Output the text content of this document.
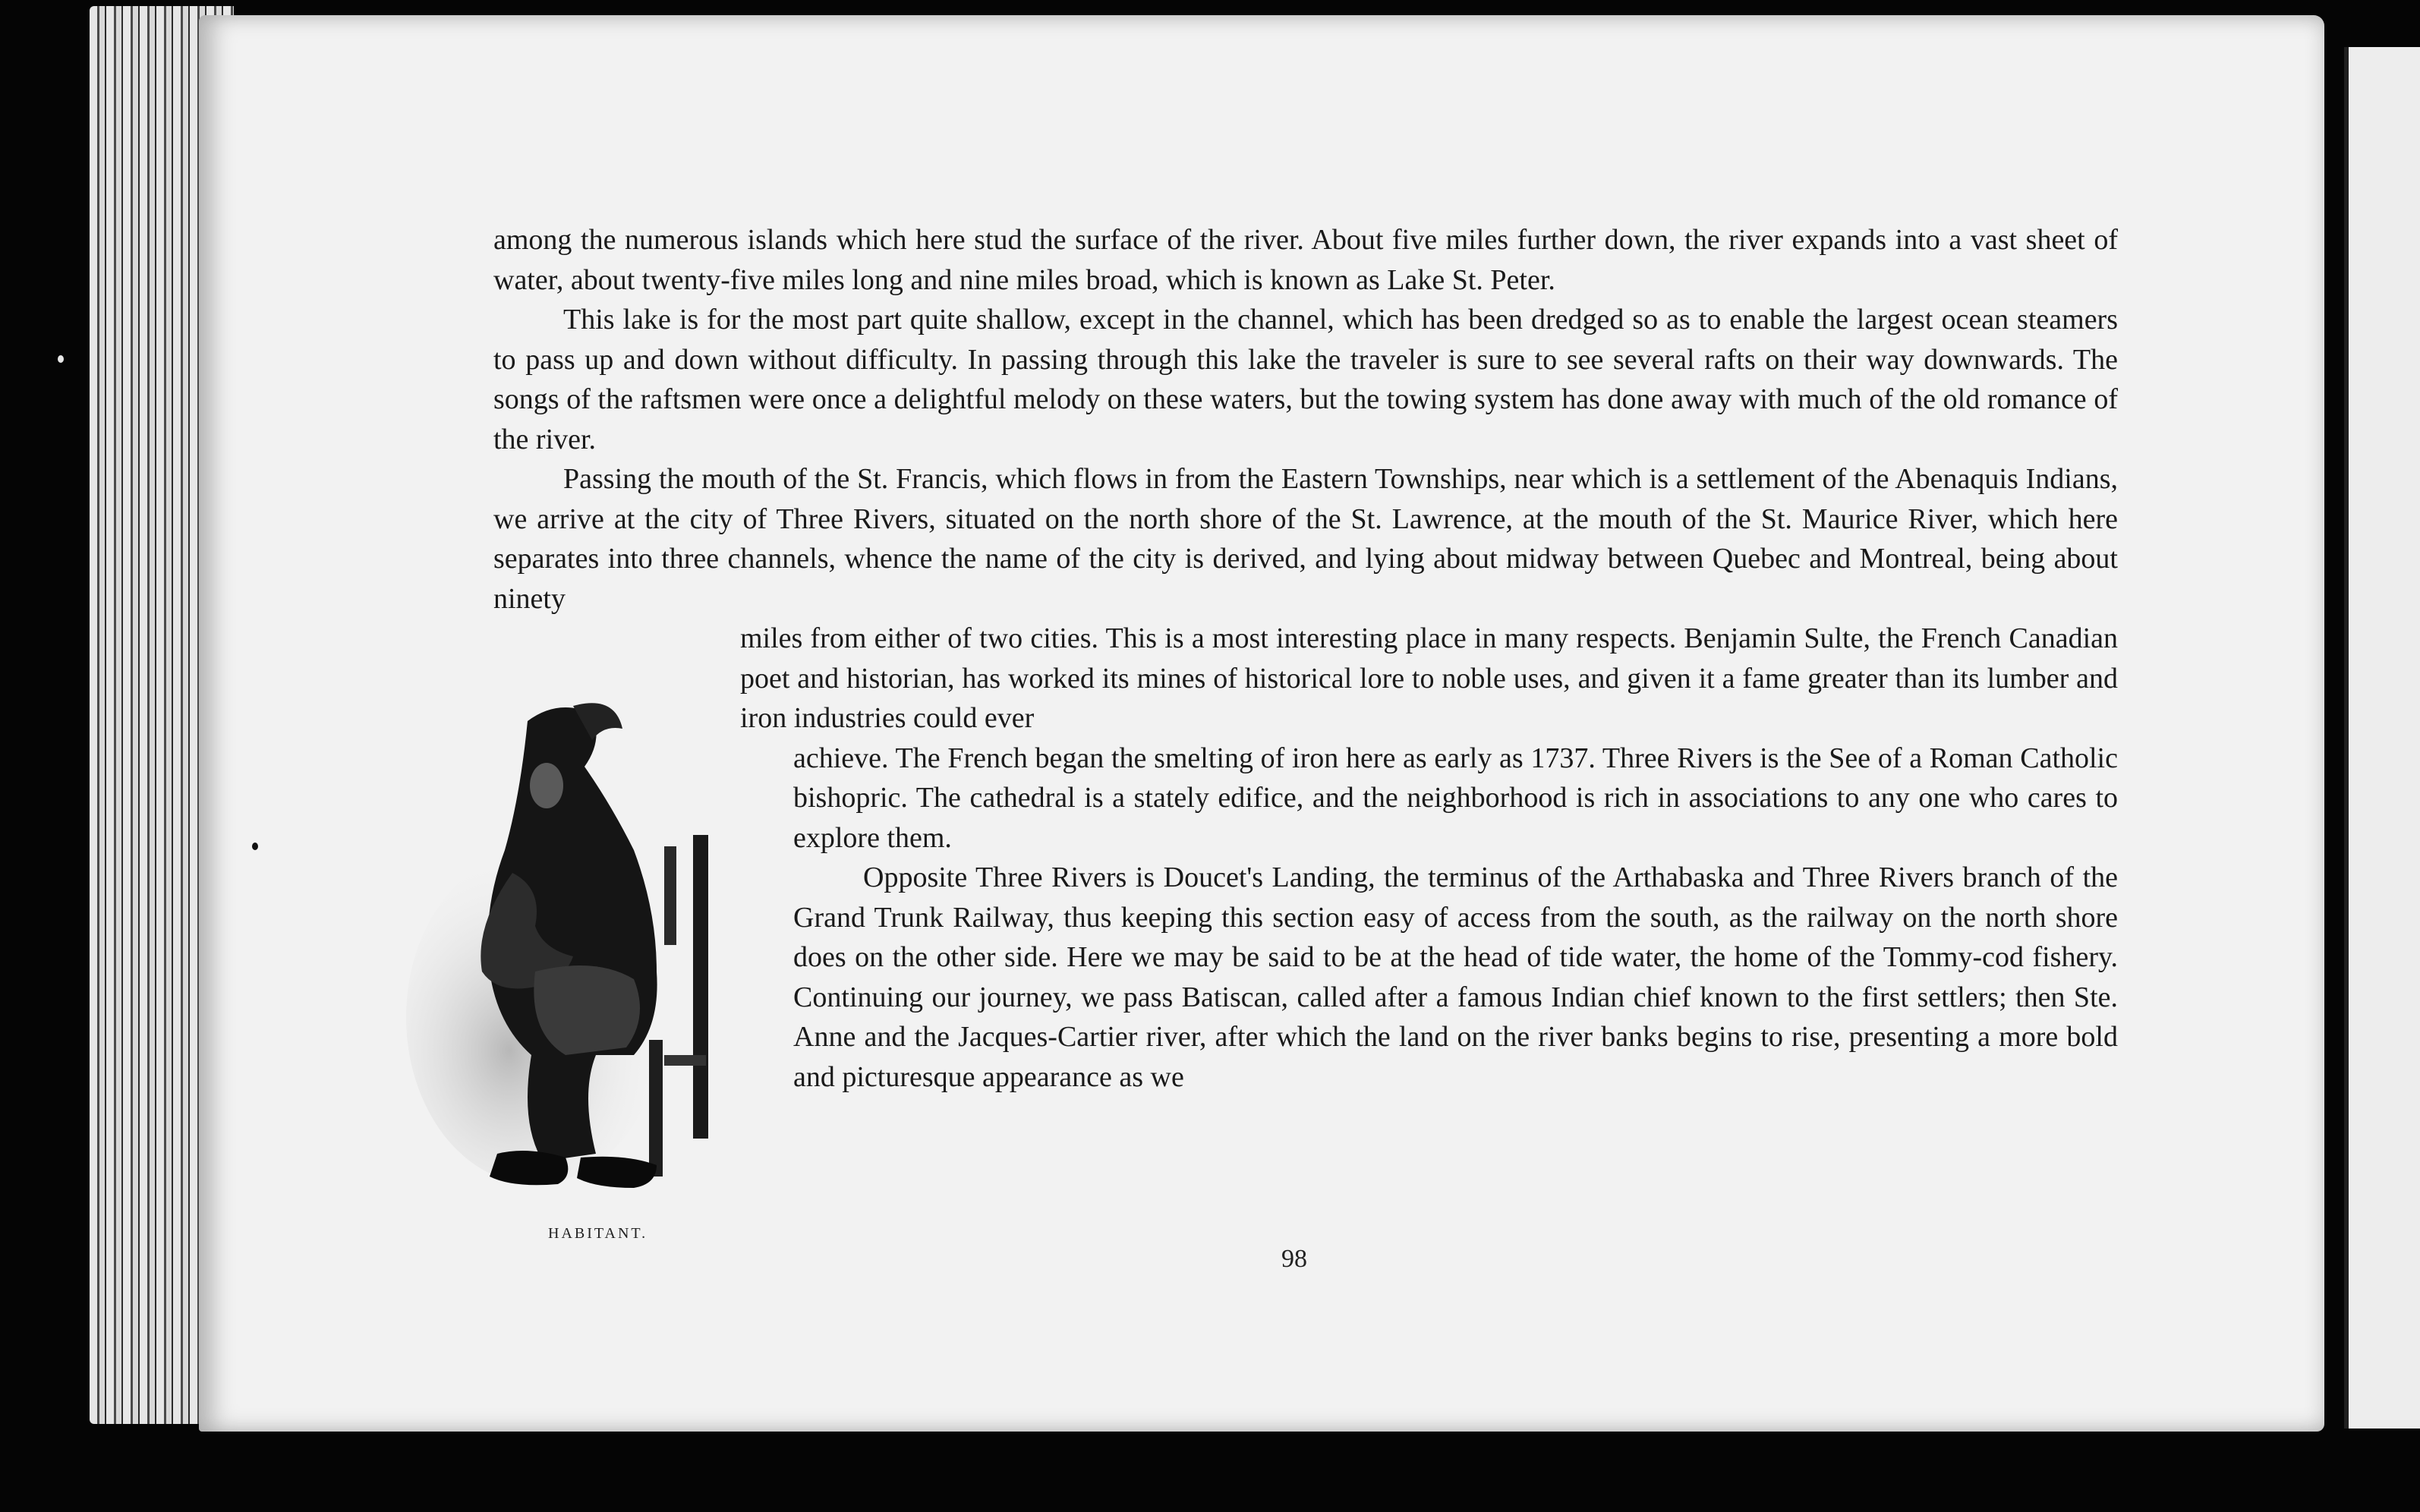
among the numerous islands which here stud the surface of the river. About five miles further down, the river expands into a vast sheet of water, about twenty-five miles long and nine miles broad, which is known as Lake St. Peter.

This lake is for the most part quite shallow, except in the channel, which has been dredged so as to enable the largest ocean steamers to pass up and down without difficulty. In passing through this lake the traveler is sure to see several rafts on their way downwards. The songs of the raftsmen were once a delightful melody on these waters, but the towing system has done away with much of the old romance of the river.

Passing the mouth of the St. Francis, which flows in from the Eastern Townships, near which is a settlement of the Abenaquis Indians, we arrive at the city of Three Rivers, situated on the north shore of the St. Lawrence, at the mouth of the St. Maurice River, which here separates into three channels, whence the name of the city is derived, and lying about midway between Quebec and Montreal, being about ninety

miles from either of two cities. This is a most interesting place in many respects. Benjamin Sulte, the French Canadian poet and historian, has worked its mines of historical lore to noble uses, and given it a fame greater than its lumber and iron industries could ever

achieve. The French began the smelting of iron here as early as 1737. Three Rivers is the See of a Roman Catholic bishopric. The cathedral is a stately edifice, and the neighborhood is rich in associations to any one who cares to explore them.

Opposite Three Rivers is Doucet's Landing, the terminus of the Arthabaska and Three Rivers branch of the Grand Trunk Railway, thus keeping this section easy of access from the south, as the railway on the north shore does on the other side. Here we may be said to be at the head of tide water, the home of the Tommy-cod fishery. Continuing our journey, we pass Batiscan, called after a famous Indian chief known to the first settlers; then Ste. Anne and the Jacques-Cartier river, after which the land on the river banks begins to rise, presenting a more bold and picturesque appearance as we

HABITANT.
98
